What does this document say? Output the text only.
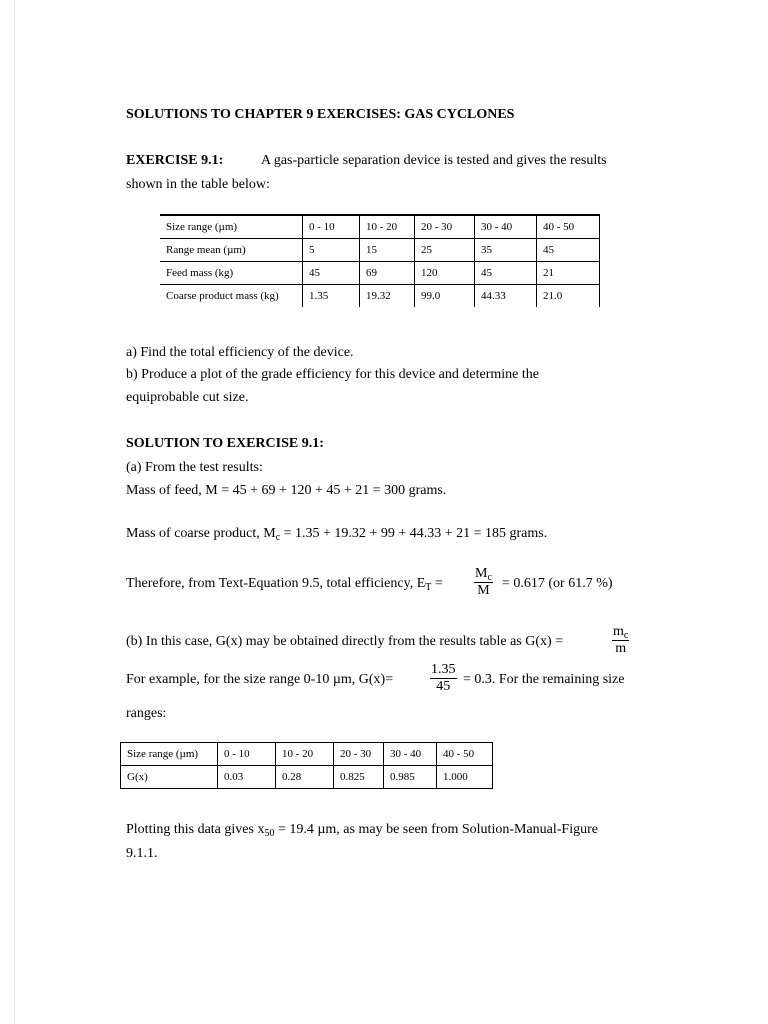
SOLUTIONS TO CHAPTER 9 EXERCISES: GAS CYCLONES
EXERCISE 9.1:	A gas-particle separation device is tested and gives the results
shown in the table below:
Size range (µm)	0 - 10	10 - 20	20 - 30	30 - 40	40 - 50
Range mean (µm)	5	15	25	35	45
Feed mass (kg)	45	69	120	45	21
Coarse product mass (kg)	1.35	19.32	99.0	44.33	21.0
a) Find the total efficiency of the device.
b) Produce a plot of the grade efficiency for this device and determine the
equiprobable cut size.
SOLUTION TO EXERCISE 9.1:
(a) From the test results:
Mass of feed, M = 45 + 69 + 120 + 45 + 21 = 300 grams.
Mass of coarse product, $M_c = 1.35 + 19.32 + 99 + 44.33 + 21 = 185$ grams.
Therefore, from Text-Equation 9.5, total efficiency, $E_T = \frac{M_c}{M} = 0.617$ (or 61.7 %)
(b) In this case, G(x) may be obtained directly from the results table as G(x) =	$\frac{m_c}{m}$
For example, for the size range 0-10 µm, G(x)=	$\frac{1.35}{45} = 0.3$. For the remaining size
ranges:
Size range (µm)	0 - 10	10 - 20	20 - 30	30 - 40	40 - 50
G(x)	0.03	0.28	0.825	0.985	1.000
Plotting this data gives $x_{50} = 19.4$ µm, as may be seen from Solution-Manual-Figure
9.1.1.
